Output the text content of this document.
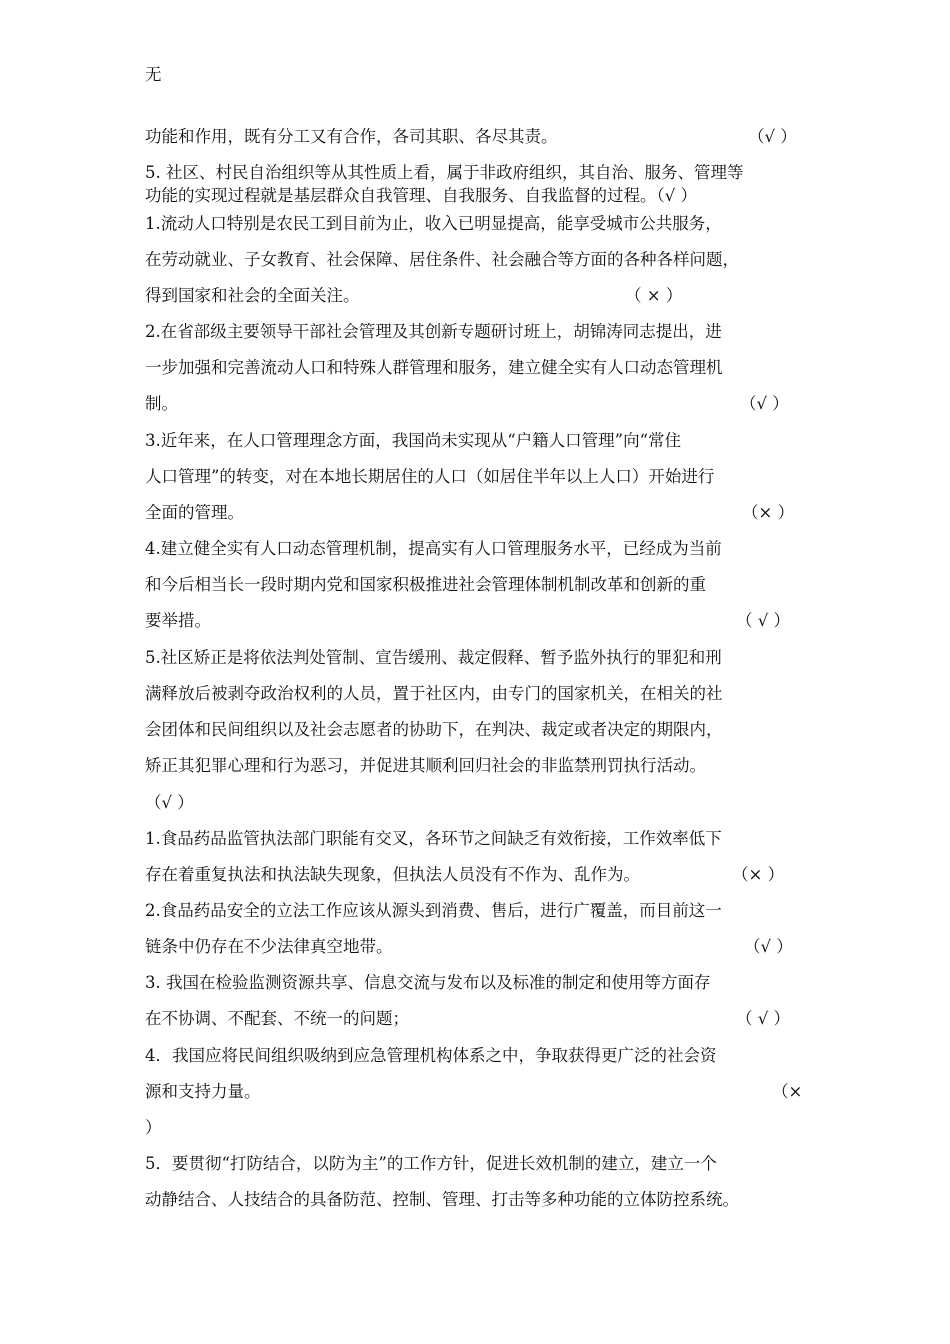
无
功能和作用，既有分工又有合作，各司其职、各尽其责。	（√ ）
5. 社区、村民自治组织等从其性质上看，属于非政府组织，其自治、服务、管理等
功能的实现过程就是基层群众自我管理、自我服务、自我监督的过程。（√ ）
1.流动人口特别是农民工到目前为止，收入已明显提高，能享受城市公共服务，
在劳动就业、子女教育、社会保障、居住条件、社会融合等方面的各种各样问题，
得到国家和社会的全面关注。	（ × ）
2.在省部级主要领导干部社会管理及其创新专题研讨班上，胡锦涛同志提出，进
一步加强和完善流动人口和特殊人群管理和服务，建立健全实有人口动态管理机
制。	（√ ）
3.近年来，在人口管理理念方面，我国尚未实现从“户籍人口管理”向“常住
人口管理”的转变，对在本地长期居住的人口（如居住半年以上人口）开始进行
全面的管理。	（× ）
4.建立健全实有人口动态管理机制，提高实有人口管理服务水平，已经成为当前
和今后相当长一段时期内党和国家积极推进社会管理体制机制改革和创新的重
要举措。	（ √ ）
5.社区矫正是将依法判处管制、宣告缓刑、裁定假释、暂予监外执行的罪犯和刑
满释放后被剥夺政治权利的人员，置于社区内，由专门的国家机关，在相关的社
会团体和民间组织以及社会志愿者的协助下，在判决、裁定或者决定的期限内，
矫正其犯罪心理和行为恶习，并促进其顺利回归社会的非监禁刑罚执行活动。
（√ ）
1.食品药品监管执法部门职能有交叉，各环节之间缺乏有效衔接，工作效率低下
存在着重复执法和执法缺失现象，但执法人员没有不作为、乱作为。	（× ）
2.食品药品安全的立法工作应该从源头到消费、售后，进行广覆盖，而目前这一
链条中仍存在不少法律真空地带。	（√ ）
3. 我国在检验监测资源共享、信息交流与发布以及标准的制定和使用等方面存
在不协调、不配套、不统一的问题；	（ √ ）
4．我国应将民间组织吸纳到应急管理机构体系之中，争取获得更广泛的社会资
源和支持力量。	（×
）
5．要贯彻“打防结合，以防为主”的工作方针，促进长效机制的建立，建立一个
动静结合、人技结合的具备防范、控制、管理、打击等多种功能的立体防控系统。
